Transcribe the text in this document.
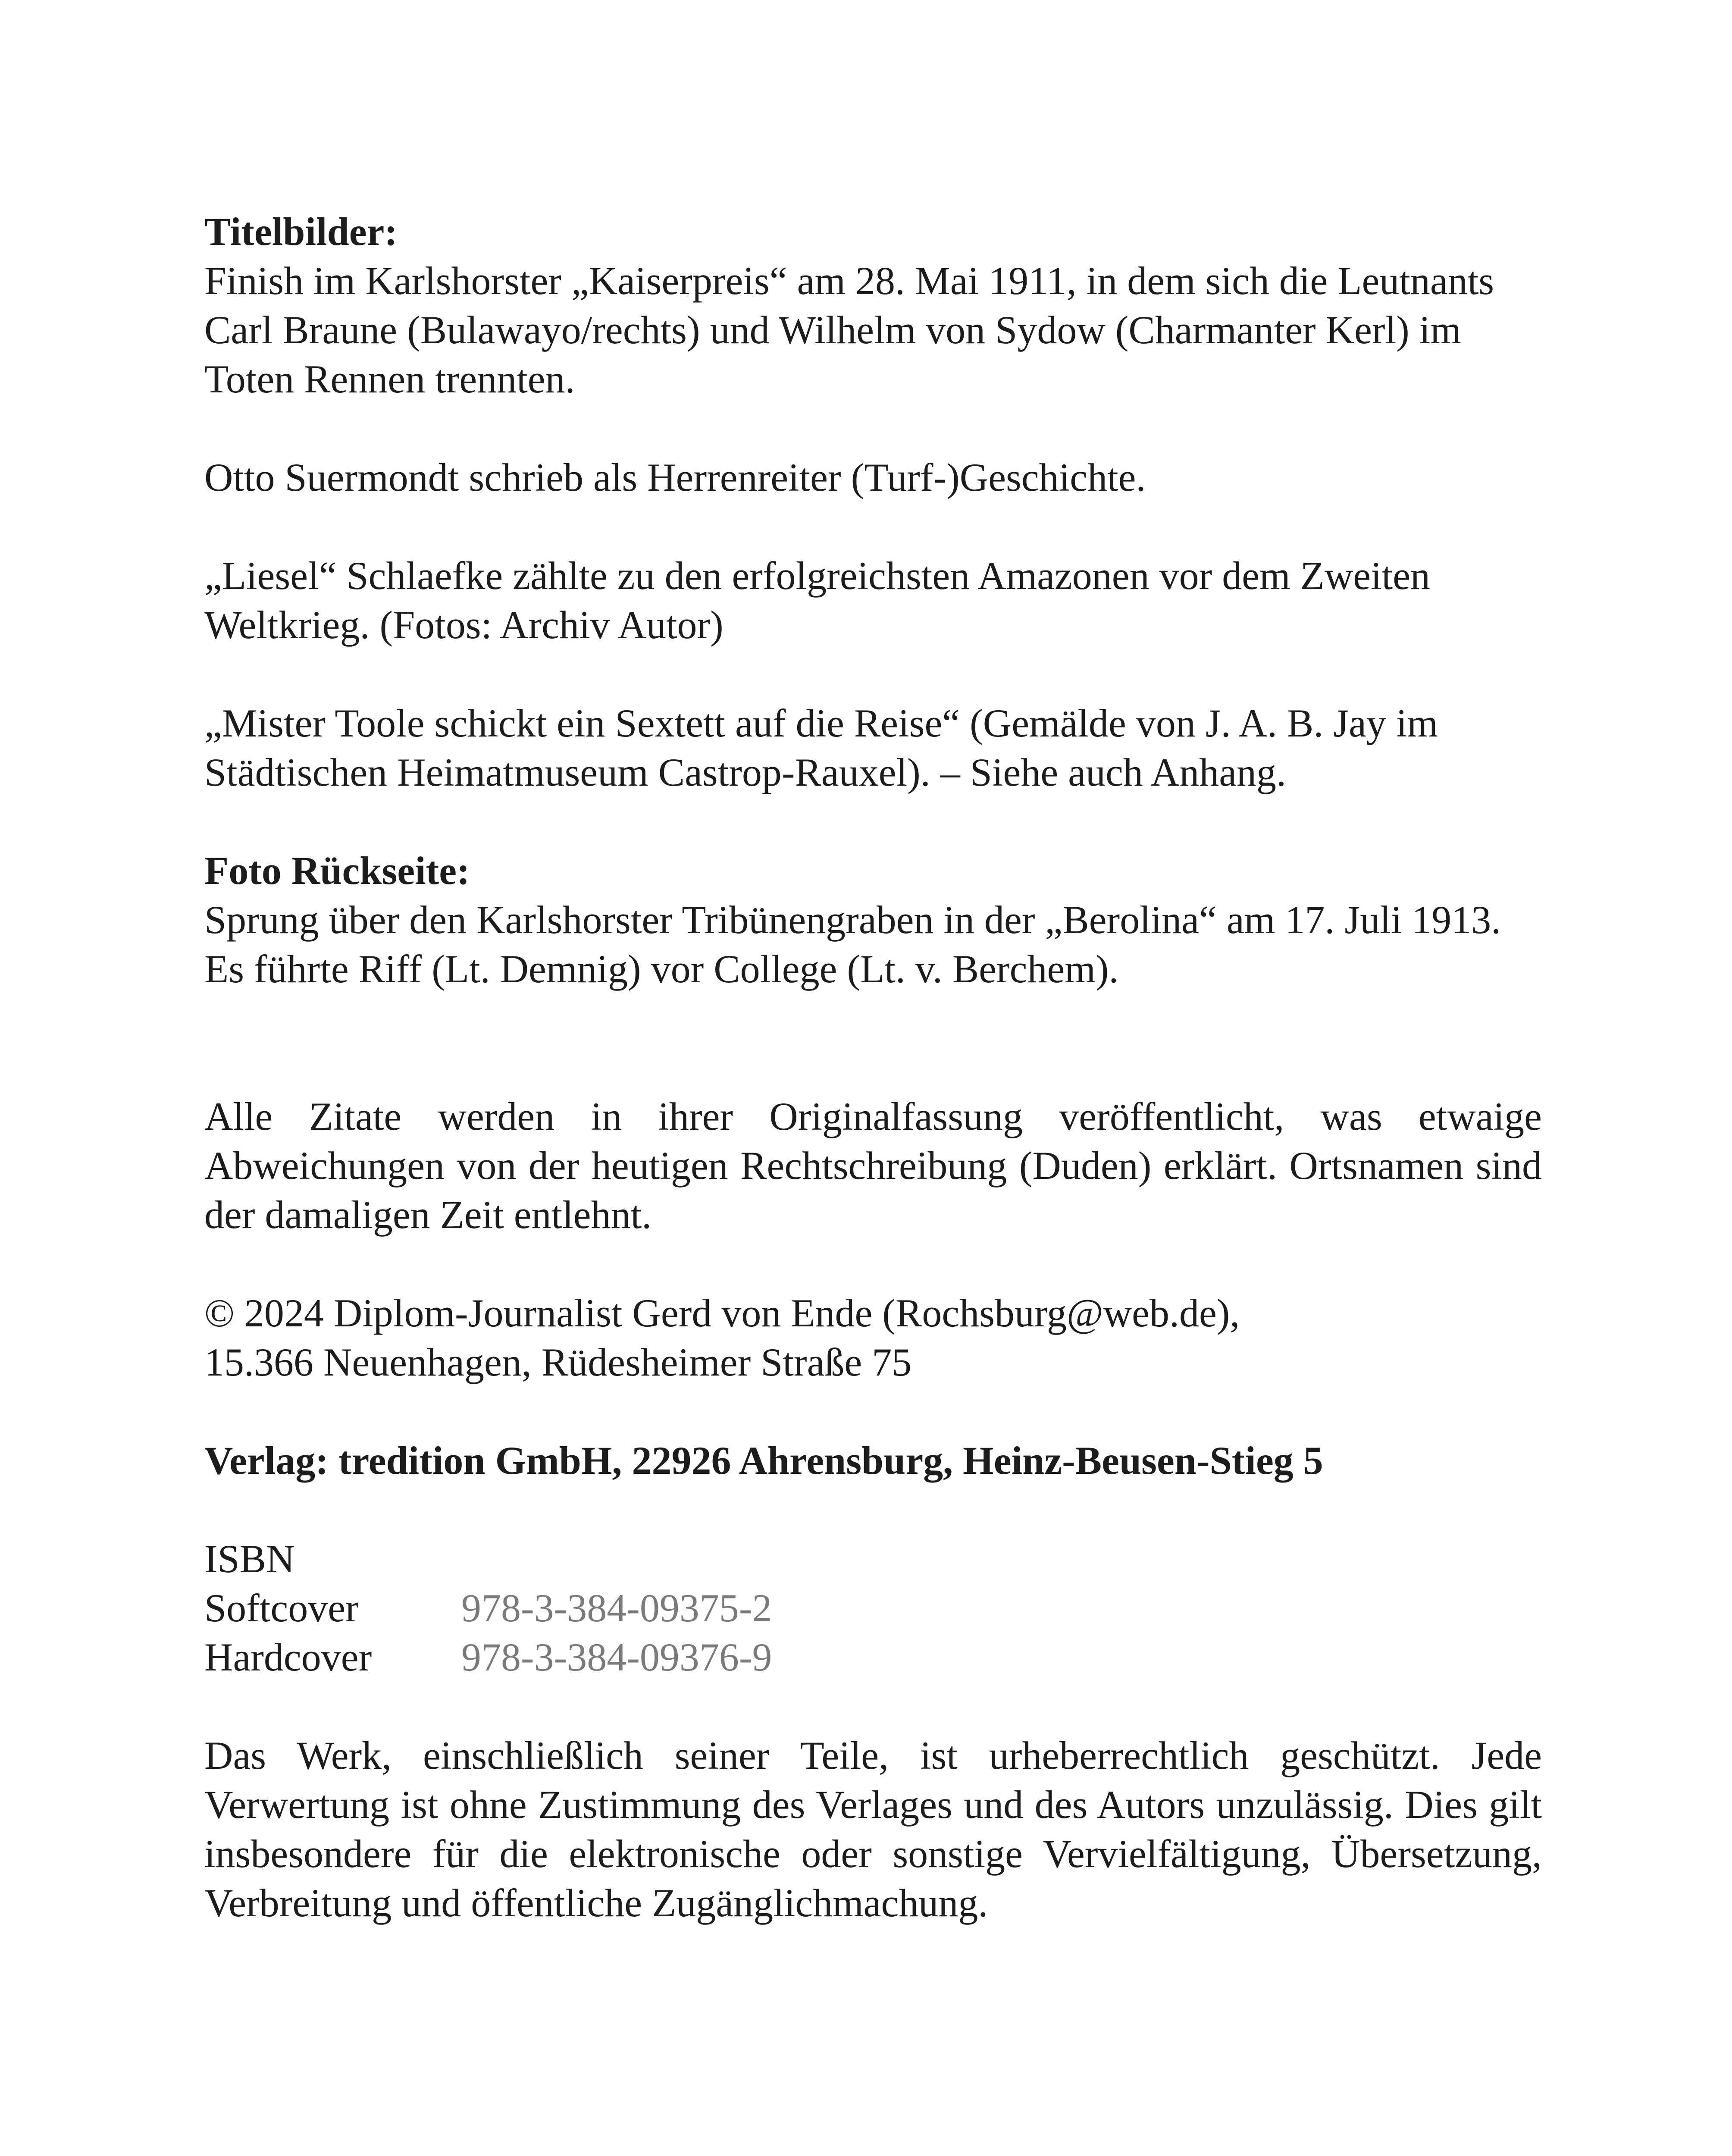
Titelbilder:

Finish im Karlshorster „Kaiserpreis“ am 28. Mai 1911, in dem sich die Leutnants Carl Braune (Bulawayo/rechts) und Wilhelm von Sydow (Charmanter Kerl) im Toten Rennen trennten.

Otto Suermondt schrieb als Herrenreiter (Turf-)Geschichte.

„Liesel“ Schlaefke zählte zu den erfolgreichsten Amazonen vor dem Zweiten Weltkrieg. (Fotos: Archiv Autor)

„Mister Toole schickt ein Sextett auf die Reise“ (Gemälde von J. A. B. Jay im Städtischen Heimatmuseum Castrop-Rauxel). – Siehe auch Anhang.

Foto Rückseite:

Sprung über den Karlshorster Tribünengraben in der „Berolina“ am 17. Juli 1913. Es führte Riff (Lt. Demnig) vor College (Lt. v. Berchem).

Alle Zitate werden in ihrer Originalfassung veröffentlicht, was etwaige Abweichungen von der heutigen Rechtschreibung (Duden) erklärt. Ortsnamen sind der damaligen Zeit entlehnt.

© 2024 Diplom-Journalist Gerd von Ende (Rochsburg@web.de),

15.366 Neuenhagen, Rüdesheimer Straße 75

Verlag: tredition GmbH, 22926 Ahrensburg, Heinz-Beusen-Stieg 5

ISBN

Softcover	978-3-384-09375-2
Hardcover	978-3-384-09376-9

Das Werk, einschließlich seiner Teile, ist urheberrechtlich geschützt. Jede Verwertung ist ohne Zustimmung des Verlages und des Autors unzulässig. Dies gilt insbesondere für die elektronische oder sonstige Vervielfältigung, Übersetzung, Verbreitung und öffentliche Zugänglichmachung.
